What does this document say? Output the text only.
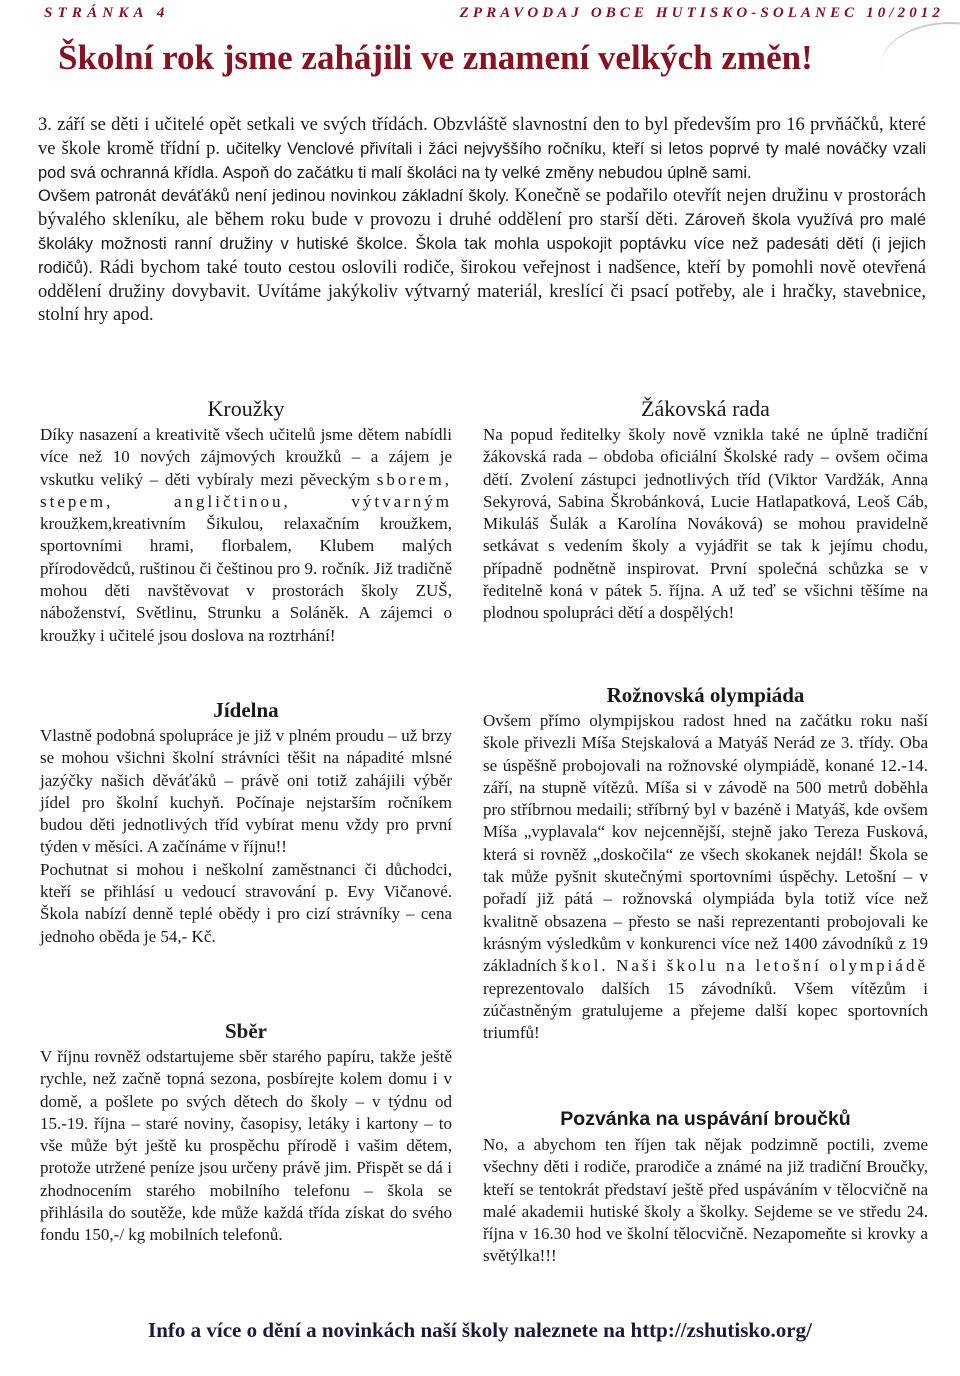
STRÁNKA 4	ZPRAVODAJ OBCE HUTISKO-SOLANEC 10/2012
Školní rok jsme zahájili ve znamení velkých změn!

3. září se děti i učitelé opět setkali ve svých třídách. Obzvláště slavnostní den to byl především pro 16 prvňáčků, které ve škole kromě třídní p. učitelky Venclové přivítali i žáci nejvyššího ročníku, kteří si letos poprvé ty malé nováčky vzali pod svá ochranná křídla. Aspoň do začátku ti malí školáci na ty velké změny nebudou úplně sami.

Ovšem patronát deváťáků není jedinou novinkou základní školy. Konečně se podařilo otevřít nejen družinu v prostorách bývalého skleníku, ale během roku bude v provozu i druhé oddělení pro starší děti. Zároveň škola využívá pro malé školáky možnosti ranní družiny v hutiské školce. Škola tak mohla uspokojit poptávku více než padesáti dětí (i jejich rodičů). Rádi bychom také touto cestou oslovili rodiče, širokou veřejnost i nadšence, kteří by pomohli nově otevřená oddělení družiny dovybavit. Uvítáme jakýkoliv výtvarný materiál, kreslící či psací potřeby, ale i hračky, stavebnice, stolní hry apod.

Kroužky

Díky nasazení a kreativitě všech učitelů jsme dětem nabídli více než 10 nových zájmových kroužků – a zájem je vskutku veliký – děti vybíraly mezi pěveckým sborem, stepem, angličtinou, výtvarným kroužkem,kreativním Šikulou, relaxačním kroužkem, sportovními hrami, florbalem, Klubem malých přírodovědců, ruštinou či češtinou pro 9. ročník. Již tradičně mohou děti navštěvovat v prostorách školy ZUŠ, náboženství, Světlinu, Strunku a Soláněk. A zájemci o kroužky i učitelé jsou doslova na roztrhání!

Žákovská rada

Na popud ředitelky školy nově vznikla také ne úplně tradiční žákovská rada – obdoba oficiální Školské rady – ovšem očima dětí. Zvolení zástupci jednotlivých tříd (Viktor Vardžák, Anna Sekyrová, Sabina Škrobánková, Lucie Hatlapatková, Leoš Cáb, Mikuláš Šulák a Karolína Nováková) se mohou pravidelně setkávat s vedením školy a vyjádřit se tak k jejímu chodu, případně podnětně inspirovat. První společná schůzka se v ředitelně koná v pátek 5. října. A už teď se všichni těšíme na plodnou spolupráci dětí a dospělých!

Jídelna

Vlastně podobná spolupráce je již v plném proudu – už brzy se mohou všichni školní strávníci těšit na nápadité mlsné jazýčky našich děváťáků – právě oni totiž zahájili výběr jídel pro školní kuchyň. Počínaje nejstarším ročníkem budou děti jednotlivých tříd vybírat menu vždy pro první týden v měsíci. A začínáme v říjnu!!

Pochutnat si mohou i neškolní zaměstnanci či důchodci, kteří se přihlásí u vedoucí stravování p. Evy Vičanové. Škola nabízí denně teplé obědy i pro cizí strávníky – cena jednoho oběda je 54,- Kč.

Sběr

V říjnu rovněž odstartujeme sběr starého papíru, takže ještě rychle, než začně topná sezona, posbírejte kolem domu i v domě, a pošlete po svých dětech do školy – v týdnu od 15.-19. října – staré noviny, časopisy, letáky i kartony – to vše může být ještě ku prospěchu přírodě i vašim dětem, protože utržené peníze jsou určeny právě jim. Přispět se dá i zhodnocením starého mobilního telefonu – škola se přihlásila do soutěže, kde může každá třída získat do svého fondu 150,-/ kg mobilních telefonů.

Rožnovská olympiáda

Ovšem přímo olympijskou radost hned na začátku roku naší škole přivezli Míša Stejskalová a Matyáš Nerád ze 3. třídy. Oba se úspěšně probojovali na rožnovské olympiádě, konané 12.-14. září, na stupně vítězů. Míša si v závodě na 500 metrů doběhla pro stříbrnou medaili; stříbrný byl v bazéně i Matyáš, kde ovšem Míša „vyplavala“ kov nejcennější, stejně jako Tereza Fusková, která si rovněž „doskočila“ ze všech skokanek nejdál! Škola se tak může pyšnit skutečnými sportovními úspěchy. Letošní – v pořadí již pátá – rožnovská olympiáda byla totiž více než kvalitně obsazena – přesto se naši reprezentanti probojovali ke krásným výsledkům v konkurenci více než 1400 závodníků z 19 základních škol. Naši školu na letošní olympiádě reprezentovalo dalších 15 závodníků. Všem vítězům i zúčastněným gratulujeme a přejeme další kopec sportovních triumfů!

Pozvánka na uspávání broučků

No, a abychom ten říjen tak nějak podzimně poctili, zveme všechny děti i rodiče, prarodiče a známé na již tradiční Broučky, kteří se tentokrát představí ještě před uspáváním v tělocvičně na malé akademii hutiské školy a školky. Sejdeme se ve středu 24. října v 16.30 hod ve školní tělocvičně. Nezapomeňte si krovky a světýlka!!!

Info a více o dění a novinkách naší školy naleznete na http://zshutisko.org/
